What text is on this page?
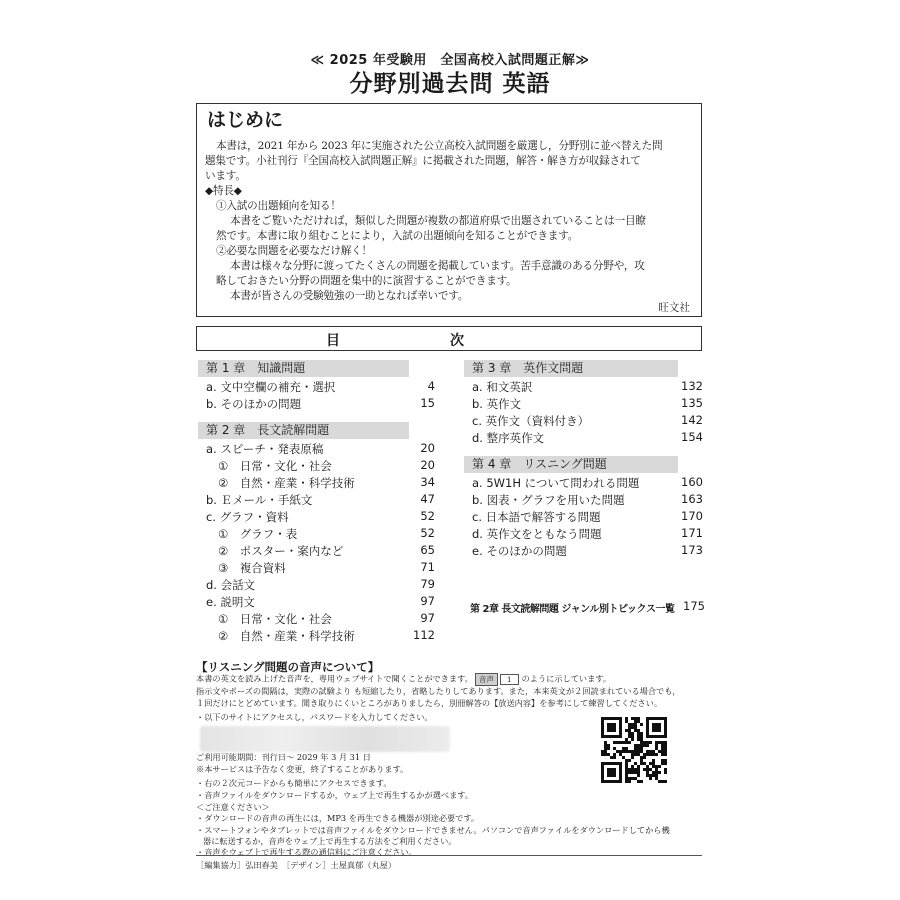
≪ 2025 年受験用　全国高校入試問題正解≫
分野別過去問 英語
はじめに
本書は，2021 年から 2023 年に実施された公立高校入試問題を厳選し，分野別に並べ替えた問
題集です。小社刊行『全国高校入試問題正解』に掲載された問題，解答・解き方が収録されて
います。
◆特長◆
①入試の出題傾向を知る！
本書をご覧いただければ，類似した問題が複数の都道府県で出題されていることは一目瞭
然です。本書に取り組むことにより，入試の出題傾向を知ることができます。
②必要な問題を必要なだけ解く！
本書は様々な分野に渡ってたくさんの問題を掲載しています。苦手意識のある分野や，攻
略しておきたい分野の問題を集中的に演習することができます。
本書が皆さんの受験勉強の一助となれば幸いです。
旺文社
目次
第 1 章　知識問題
a. 文中空欄の補充・選択	4
b. そのほかの問題	15
第 2 章　長文読解問題
a. スピーチ・発表原稿	20
①　日常・文化・社会	20
②　自然・産業・科学技術	34
b. Ｅメール・手紙文	47
c. グラフ・資料	52
①　グラフ・表	52
②　ポスター・案内など	65
③　複合資料	71
d. 会話文	79
e. 説明文	97
①　日常・文化・社会	97
②　自然・産業・科学技術	112
第 3 章　英作文問題
a. 和文英訳	132
b. 英作文	135
c. 英作文（資料付き）	142
d. 整序英作文	154
第 4 章　リスニング問題
a. 5W1H について問われる問題	160
b. 図表・グラフを用いた問題	163
c. 日本語で解答する問題	170
d. 英作文をともなう問題	171
e. そのほかの問題	173
第 2章 長文読解問題 ジャンル別トピックス一覧 175
【リスニング問題の音声について】
本書の英文を読み上げた音声を，専用ウェブサイトで聞くことができます。 音声 1 のように示しています。
指示文やポーズの間隔は，実際の試験より も短縮したり，省略したりしてあります。また，本来英文が２回読まれている場合でも，
１回だけにとどめています。聞き取りにくいところがありましたら，別冊解答の【放送内容】を参考にして練習してください。
・以下のサイトにアクセスし，パスワードを入力してください。
ご利用可能期間：刊行日～ 2029 年 3 月 31 日
※本サービスは予告なく変更，終了することがあります。
・右の２次元コードからも簡単にアクセスできます。
・音声ファイルをダウンロードするか，ウェブ上で再生するかが選べます。
＜ご注意ください＞
・ダウンロードの音声の再生には，MP3 を再生できる機器が別途必要です。
・スマートフォンやタブレットでは音声ファイルをダウンロードできません。パソコンで音声ファイルをダウンロードしてから機
器に転送するか，音声をウェブ上で再生する方法をご利用ください。
・音声をウェブ上で再生する際の通信料にご注意ください。
［編集協力］弘田春美　［デザイン］土屋真郁（丸屋）
